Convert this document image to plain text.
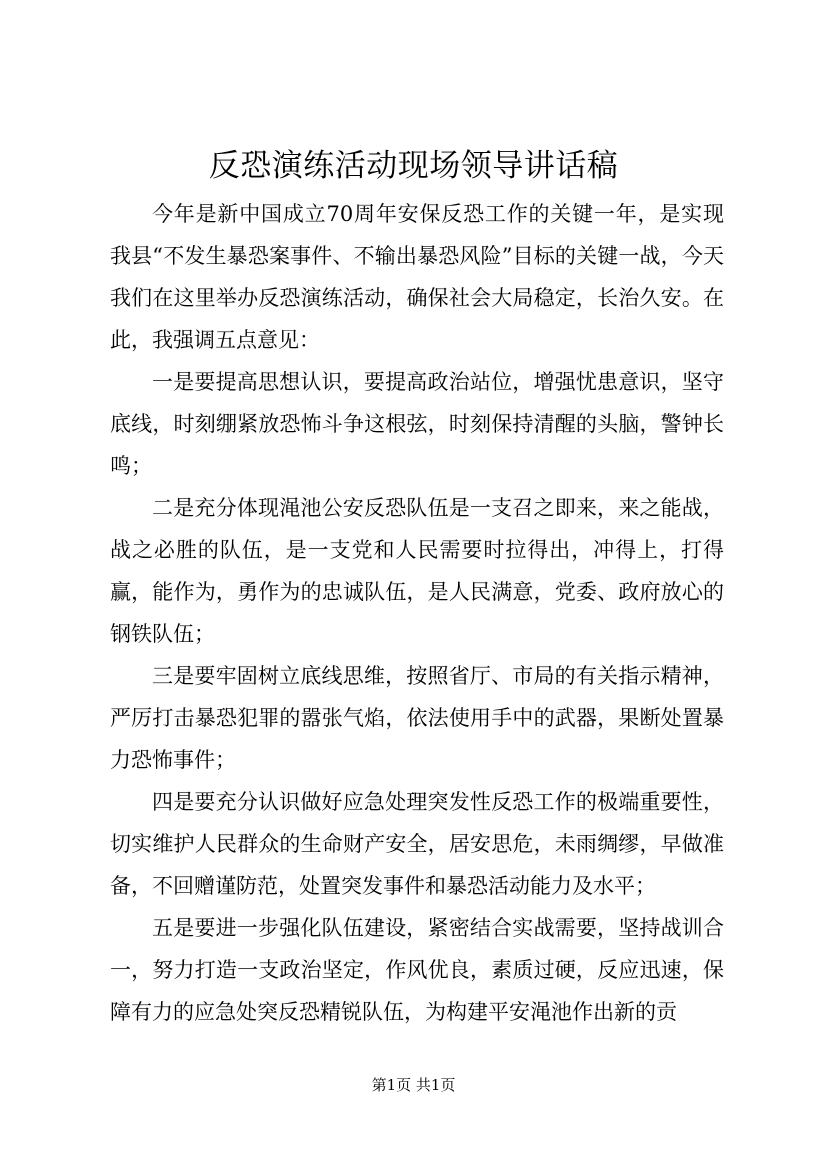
反恐演练活动现场领导讲话稿

今年是新中国成立70周年安保反恐工作的关键一年，是实现我县“不发生暴恐案事件、不输出暴恐风险”目标的关键一战，今天我们在这里举办反恐演练活动，确保社会大局稳定，长治久安。在此，我强调五点意见：

一是要提高思想认识，要提高政治站位，增强忧患意识，坚守底线，时刻绷紧放恐怖斗争这根弦，时刻保持清醒的头脑，警钟长鸣；

二是充分体现渑池公安反恐队伍是一支召之即来，来之能战，战之必胜的队伍，是一支党和人民需要时拉得出，冲得上，打得赢，能作为，勇作为的忠诚队伍，是人民满意，党委、政府放心的钢铁队伍；

三是要牢固树立底线思维，按照省厅、市局的有关指示精神，严厉打击暴恐犯罪的嚣张气焰，依法使用手中的武器，果断处置暴力恐怖事件；

四是要充分认识做好应急处理突发性反恐工作的极端重要性，切实维护人民群众的生命财产安全，居安思危，未雨绸缪，早做准备，不回赠谨防范，处置突发事件和暴恐活动能力及水平；

五是要进一步强化队伍建设，紧密结合实战需要，坚持战训合一，努力打造一支政治坚定，作风优良，素质过硬，反应迅速，保障有力的应急处突反恐精锐队伍，为构建平安渑池作出新的贡

第1页 共1页
